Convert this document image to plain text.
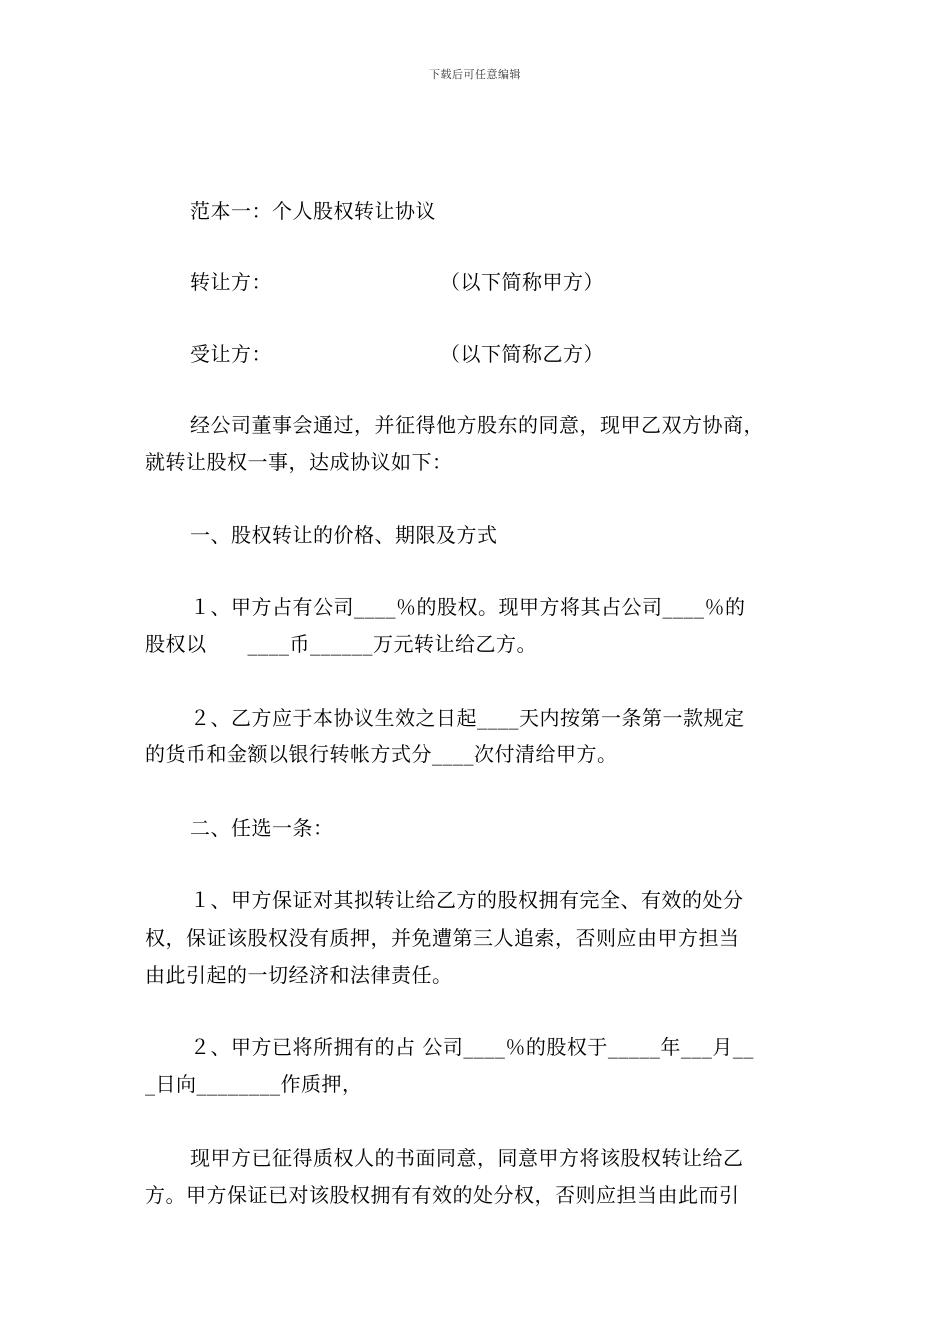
下载后可任意编辑
范本一：个人股权转让协议
转让方：	（以下简称甲方）
受让方：	（以下简称乙方）
经公司董事会通过，并征得他方股东的同意，现甲乙双方协商，
就转让股权一事，达成协议如下：
一、股权转让的价格、期限及方式
１、甲方占有公司____％的股权。现甲方将其占公司____％的
股权以　　____币______万元转让给乙方。
２、乙方应于本协议生效之日起____天内按第一条第一款规定
的货币和金额以银行转帐方式分____次付清给甲方。
二、任选一条：
１、甲方保证对其拟转让给乙方的股权拥有完全、有效的处分
权，保证该股权没有质押，并免遭第三人追索，否则应由甲方担当
由此引起的一切经济和法律责任。
２、甲方已将所拥有的占 公司____％的股权于_____年___月__
_日向________作质押，
现甲方已征得质权人的书面同意，同意甲方将该股权转让给乙
方。甲方保证已对该股权拥有有效的处分权，否则应担当由此而引
